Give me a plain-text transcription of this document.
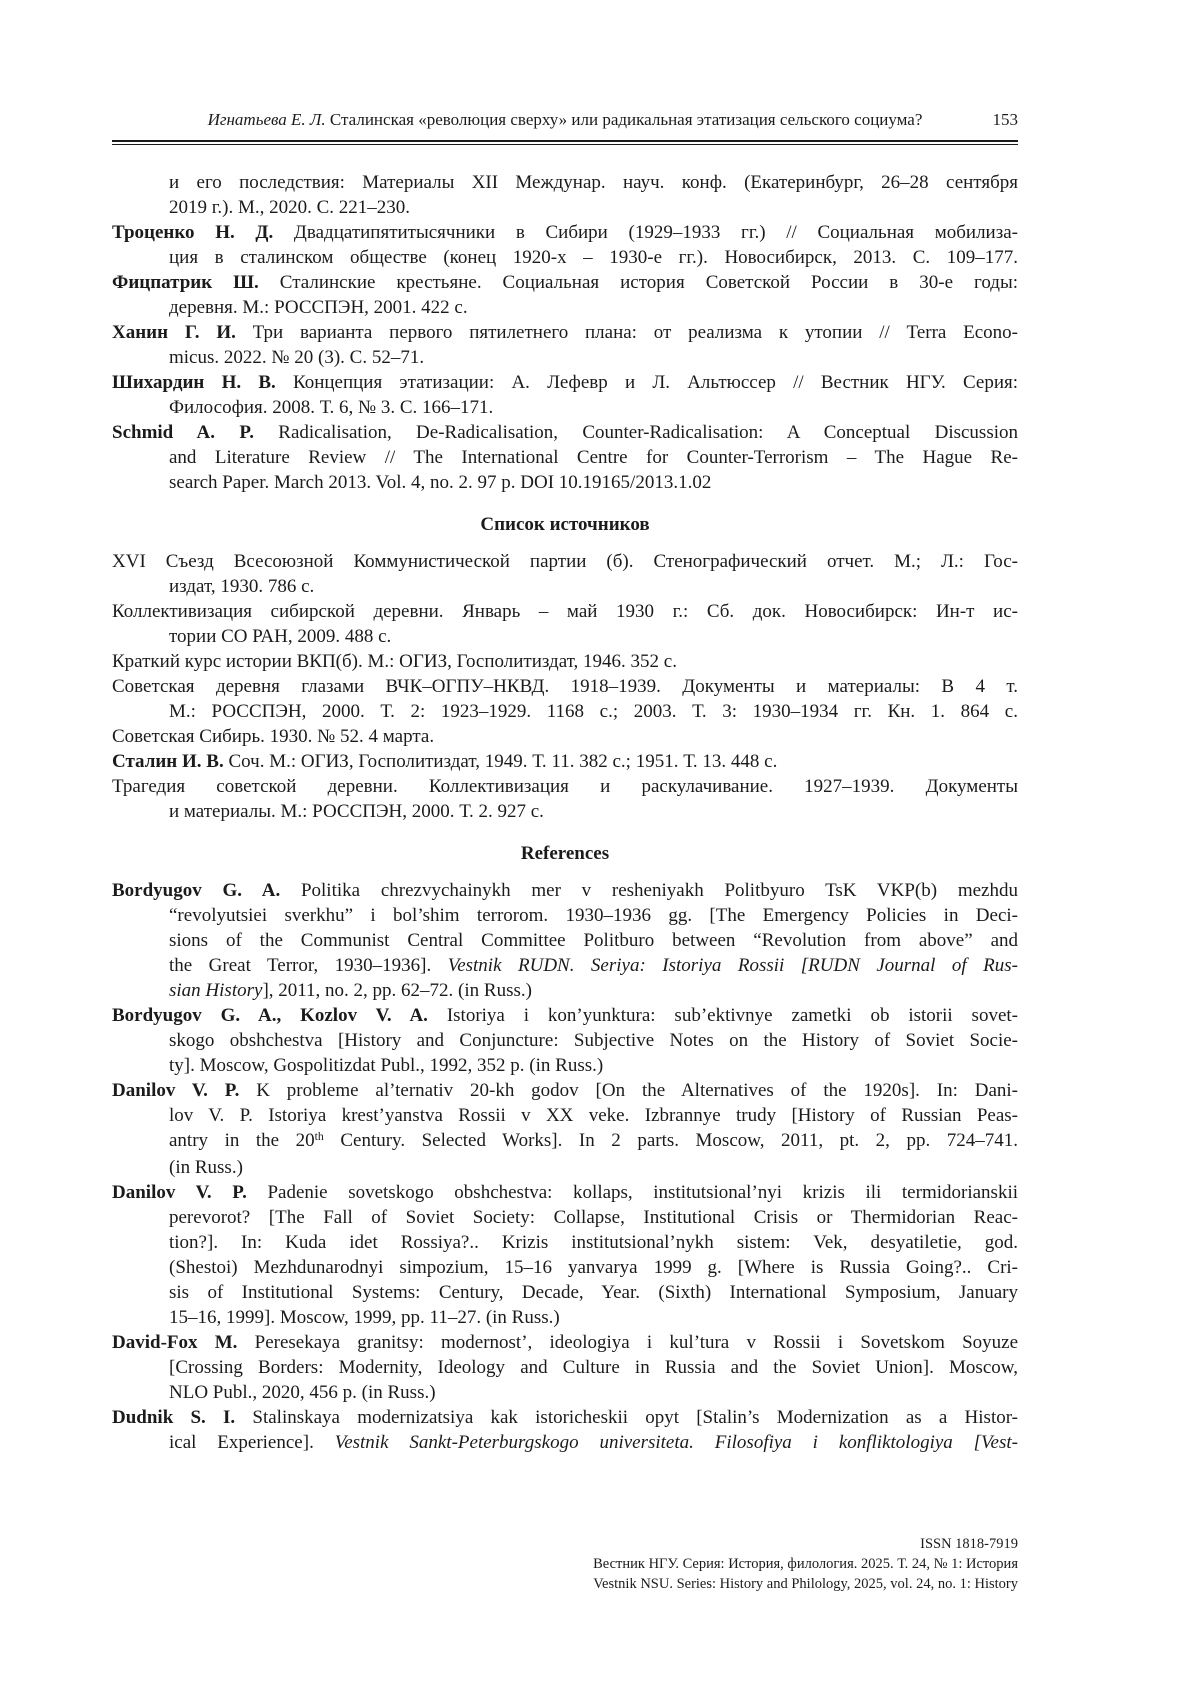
Игнатьева Е. Л. Сталинская «революция сверху» или радикальная этатизация сельского социума?	153
и его последствия: Материалы XII Междунар. науч. конф. (Екатеринбург, 26–28 сентября
2019 г.). М., 2020. С. 221–230.
Троценко Н. Д. Двадцатипятитысячники в Сибири (1929–1933 гг.) // Социальная мобилиза-
ция в сталинском обществе (конец 1920-х – 1930-е гг.). Новосибирск, 2013. С. 109–177.
Фицпатрик Ш. Сталинские крестьяне. Социальная история Советской России в 30-е годы:
деревня. М.: РОССПЭН, 2001. 422 с.
Ханин Г. И. Три варианта первого пятилетнего плана: от реализма к утопии // Terra Econo-
micus. 2022. № 20 (3). С. 52–71.
Шихардин Н. В. Концепция этатизации: А. Лефевр и Л. Альтюссер // Вестник НГУ. Серия:
Философия. 2008. Т. 6, № 3. С. 166–171.
Schmid A. P. Radicalisation, De-Radicalisation, Counter-Radicalisation: A Conceptual Discussion
and Literature Review // The International Centre for Counter-Terrorism – The Hague Re-
search Paper. March 2013. Vol. 4, no. 2. 97 p. DOI 10.19165/2013.1.02
Список источников
XVI Съезд Всесоюзной Коммунистической партии (б). Стенографический отчет. М.; Л.: Гос-
издат, 1930. 786 с.
Коллективизация сибирской деревни. Январь – май 1930 г.: Сб. док. Новосибирск: Ин-т ис-
тории СО РАН, 2009. 488 с.
Краткий курс истории ВКП(б). М.: ОГИЗ, Госполитиздат, 1946. 352 с.
Советская деревня глазами ВЧК–ОГПУ–НКВД. 1918–1939. Документы и материалы: В 4 т.
М.: РОССПЭН, 2000. Т. 2: 1923–1929. 1168 с.; 2003. Т. 3: 1930–1934 гг. Кн. 1. 864 с.
Советская Сибирь. 1930. № 52. 4 марта.
Сталин И. В. Соч. М.: ОГИЗ, Госполитиздат, 1949. Т. 11. 382 с.; 1951. Т. 13. 448 с.
Трагедия советской деревни. Коллективизация и раскулачивание. 1927–1939. Документы
и материалы. М.: РОССПЭН, 2000. Т. 2. 927 с.
References
Bordyugov G. A. Politika chrezvychainykh mer v resheniyakh Politbyuro TsK VKP(b) mezhdu
“revolyutsiei sverkhu” i bol’shim terrorom. 1930–1936 gg. [The Emergency Policies in Deci-
sions of the Communist Central Committee Politburo between “Revolution from above” and
the Great Terror, 1930–1936]. Vestnik RUDN. Seriya: Istoriya Rossii [RUDN Journal of Rus-
sian History], 2011, no. 2, pp. 62–72. (in Russ.)
Bordyugov G. A., Kozlov V. A. Istoriya i kon’yunktura: sub’ektivnye zametki ob istorii sovet-
skogo obshchestva [History and Conjuncture: Subjective Notes on the History of Soviet Socie-
ty]. Moscow, Gospolitizdat Publ., 1992, 352 p. (in Russ.)
Danilov V. P. K probleme al’ternativ 20-kh godov [On the Alternatives of the 1920s]. In: Dani-
lov V. P. Istoriya krest’yanstva Rossii v XX veke. Izbrannye trudy [History of Russian Peas-
antry in the 20th Century. Selected Works]. In 2 parts. Moscow, 2011, pt. 2, pp. 724–741.
(in Russ.)
Danilov V. P. Padenie sovetskogo obshchestva: kollaps, institutsional’nyi krizis ili termidorianskii
perevorot? [The Fall of Soviet Society: Collapse, Institutional Crisis or Thermidorian Reac-
tion?]. In: Kuda idet Rossiya?.. Krizis institutsional’nykh sistem: Vek, desyatiletie, god.
(Shestoi) Mezhdunarodnyi simpozium, 15–16 yanvarya 1999 g. [Where is Russia Going?.. Cri-
sis of Institutional Systems: Century, Decade, Year. (Sixth) International Symposium, January
15–16, 1999]. Moscow, 1999, pp. 11–27. (in Russ.)
David-Fox M. Peresekaya granitsy: modernost’, ideologiya i kul’tura v Rossii i Sovetskom Soyuze
[Crossing Borders: Modernity, Ideology and Culture in Russia and the Soviet Union]. Moscow,
NLO Publ., 2020, 456 p. (in Russ.)
Dudnik S. I. Stalinskaya modernizatsiya kak istoricheskii opyt [Stalin’s Modernization as a Histor-
ical Experience]. Vestnik Sankt-Peterburgskogo universiteta. Filosofiya i konfliktologiya [Vest-
ISSN 1818-7919
Вестник НГУ. Серия: История, филология. 2025. Т. 24, № 1: История
Vestnik NSU. Series: History and Philology, 2025, vol. 24, no. 1: History
